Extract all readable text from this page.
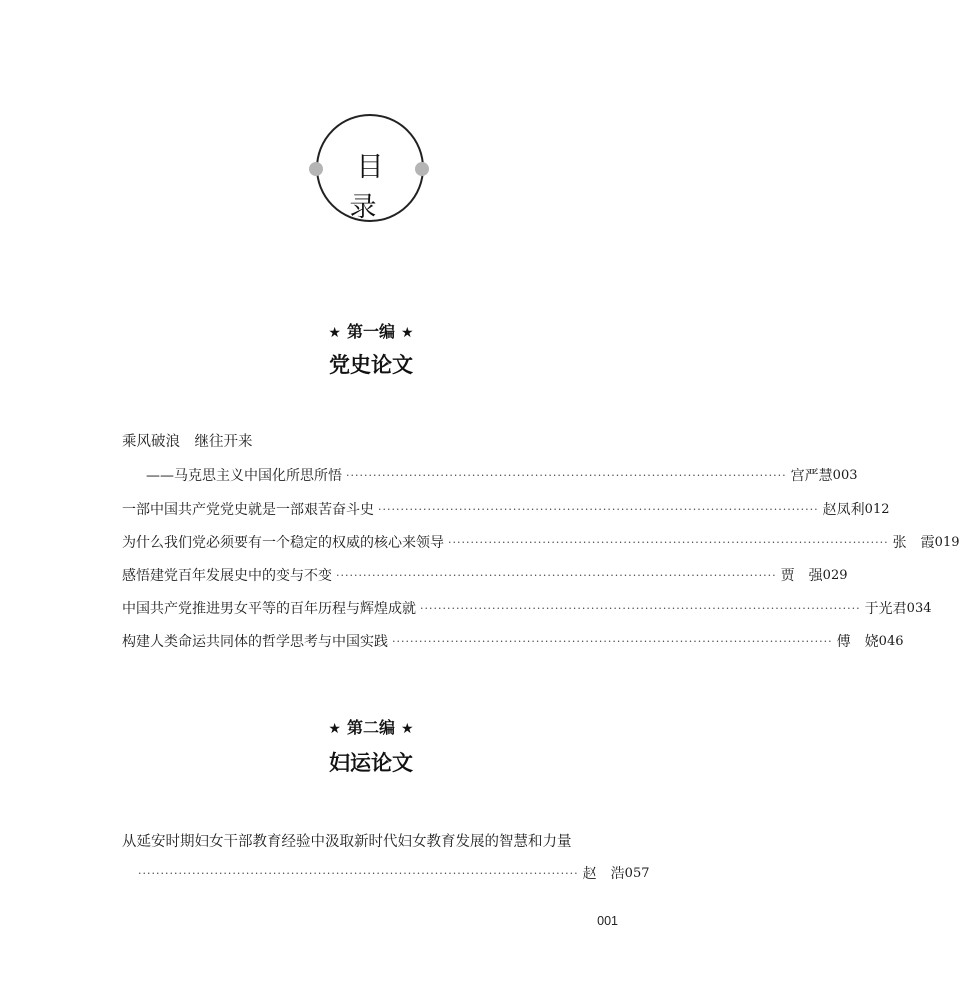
目 录
★ 第一编 ★
党史论文
乘风破浪　继往开来
——马克思主义中国化所思所悟 ·································································································· 宫严慧 003
一部中国共产党党史就是一部艰苦奋斗史 ·································································································· 赵凤利 012
为什么我们党必须要有一个稳定的权威的核心来领导 ·································································································· 张　霞 019
感悟建党百年发展史中的变与不变 ·································································································· 贾　强 029
中国共产党推进男女平等的百年历程与辉煌成就 ·································································································· 于光君 034
构建人类命运共同体的哲学思考与中国实践 ·································································································· 傅　娆 046
★ 第二编 ★
妇运论文
从延安时期妇女干部教育经验中汲取新时代妇女教育发展的智慧和力量
·································································································· 赵　浩 057
001
